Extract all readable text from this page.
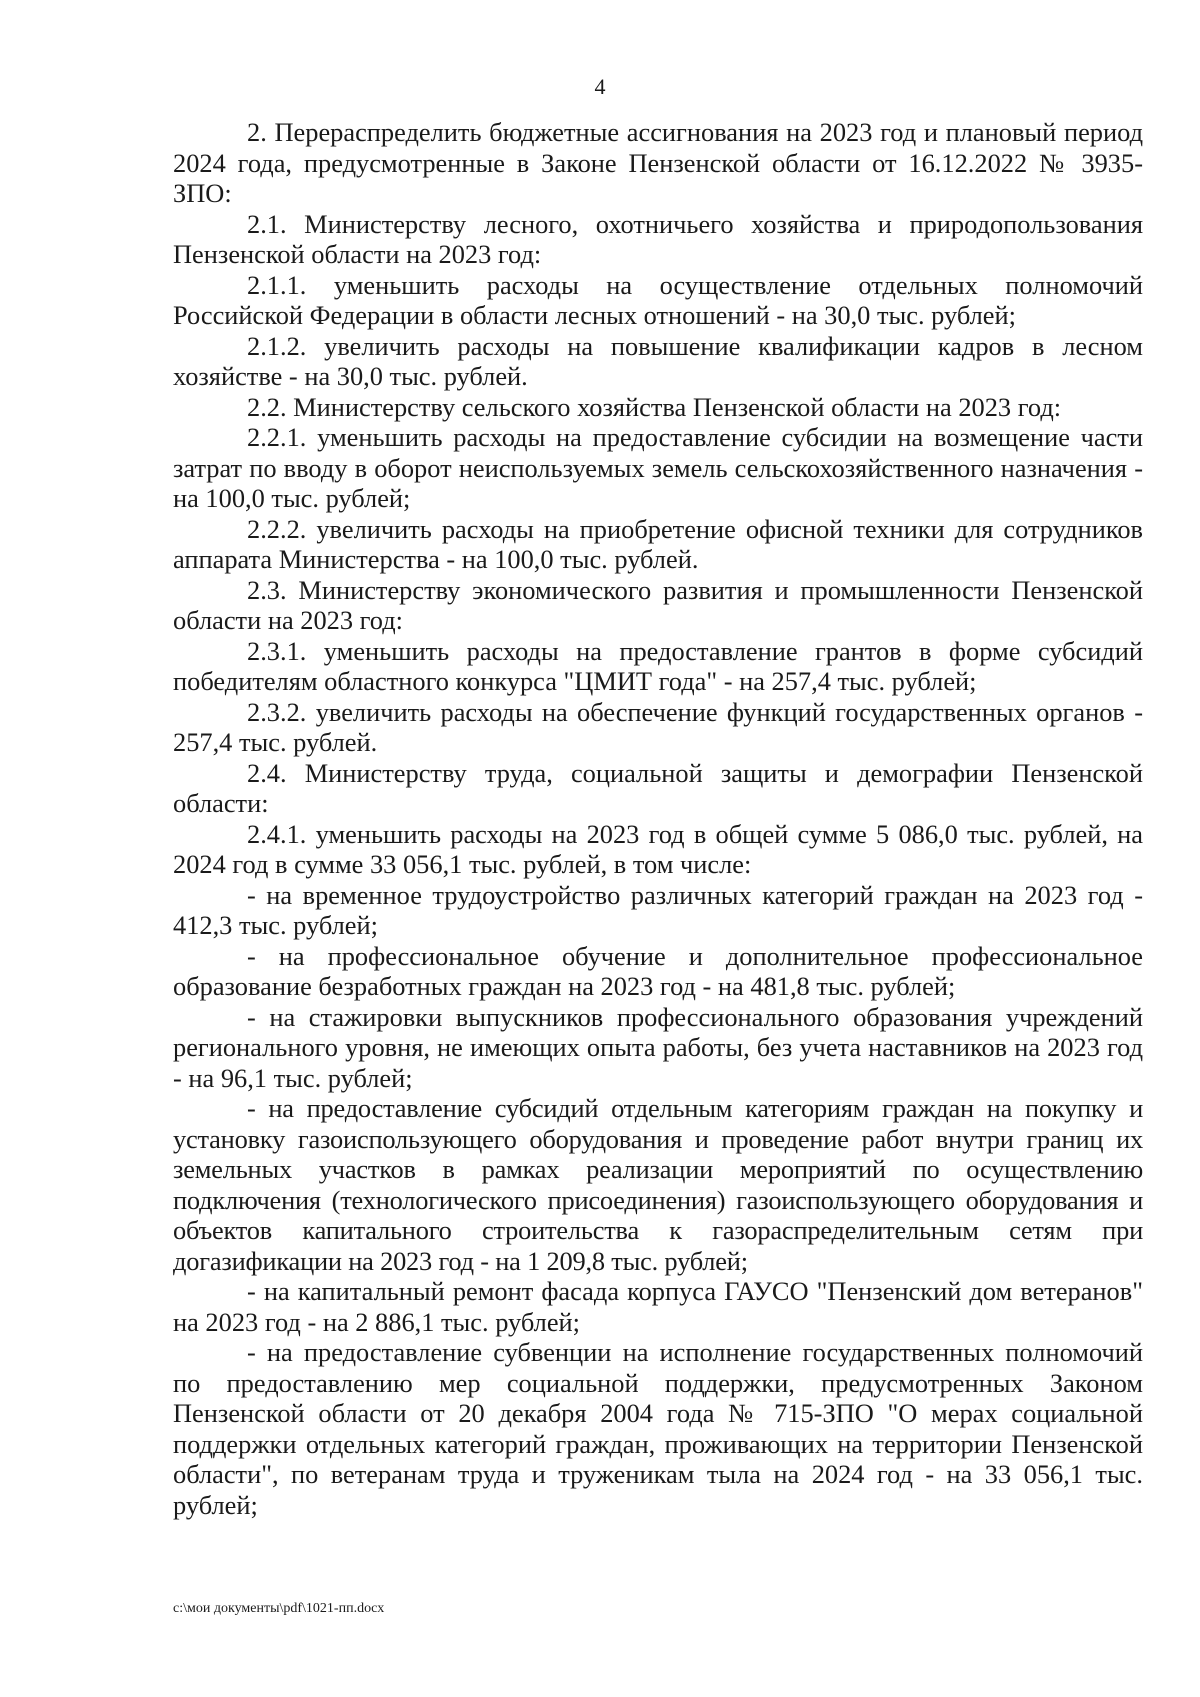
4

2. Перераспределить бюджетные ассигнования на 2023 год и плановый период 2024 года, предусмотренные в Законе Пензенской области от 16.12.2022 № 3935-ЗПО:

2.1. Министерству лесного, охотничьего хозяйства и природопользования Пензенской области на 2023 год:

2.1.1. уменьшить расходы на осуществление отдельных полномочий Российской Федерации в области лесных отношений - на 30,0 тыс. рублей;

2.1.2. увеличить расходы на повышение квалификации кадров в лесном хозяйстве - на 30,0 тыс. рублей.

2.2. Министерству сельского хозяйства Пензенской области на 2023 год:

2.2.1. уменьшить расходы на предоставление субсидии на возмещение части затрат по вводу в оборот неиспользуемых земель сельскохозяйственного назначения - на 100,0 тыс. рублей;

2.2.2. увеличить расходы на приобретение офисной техники для сотрудников аппарата Министерства - на 100,0 тыс. рублей.

2.3. Министерству экономического развития и промышленности Пензенской области на 2023 год:

2.3.1. уменьшить расходы на предоставление грантов в форме субсидий победителям областного конкурса "ЦМИТ года" - на 257,4 тыс. рублей;

2.3.2. увеличить расходы на обеспечение функций государственных органов - 257,4 тыс. рублей.

2.4. Министерству труда, социальной защиты и демографии Пензенской области:

2.4.1. уменьшить расходы на 2023 год в общей сумме 5 086,0 тыс. рублей, на 2024 год в сумме 33 056,1 тыс. рублей, в том числе:

- на временное трудоустройство различных категорий граждан на 2023 год - 412,3 тыс. рублей;

- на профессиональное обучение и дополнительное профессиональное образование безработных граждан на 2023 год - на 481,8 тыс. рублей;

- на стажировки выпускников профессионального образования учреждений регионального уровня, не имеющих опыта работы, без учета наставников на 2023 год - на 96,1 тыс. рублей;

- на предоставление субсидий отдельным категориям граждан на покупку и установку газоиспользующего оборудования и проведение работ внутри границ их земельных участков в рамках реализации мероприятий по осуществлению подключения (технологического присоединения) газоиспользующего оборудования и объектов капитального строительства к газораспределительным сетям при догазификации на 2023 год - на 1 209,8 тыс. рублей;

- на капитальный ремонт фасада корпуса ГАУСО "Пензенский дом ветеранов" на 2023 год - на 2 886,1 тыс. рублей;

- на предоставление субвенции на исполнение государственных полномочий по предоставлению мер социальной поддержки, предусмотренных Законом Пензенской области от 20 декабря 2004 года № 715-ЗПО "О мерах социальной поддержки отдельных категорий граждан, проживающих на территории Пензенской области", по ветеранам труда и труженикам тыла на 2024 год - на 33 056,1 тыс. рублей;

c:\мои документы\pdf\1021-пп.docx
